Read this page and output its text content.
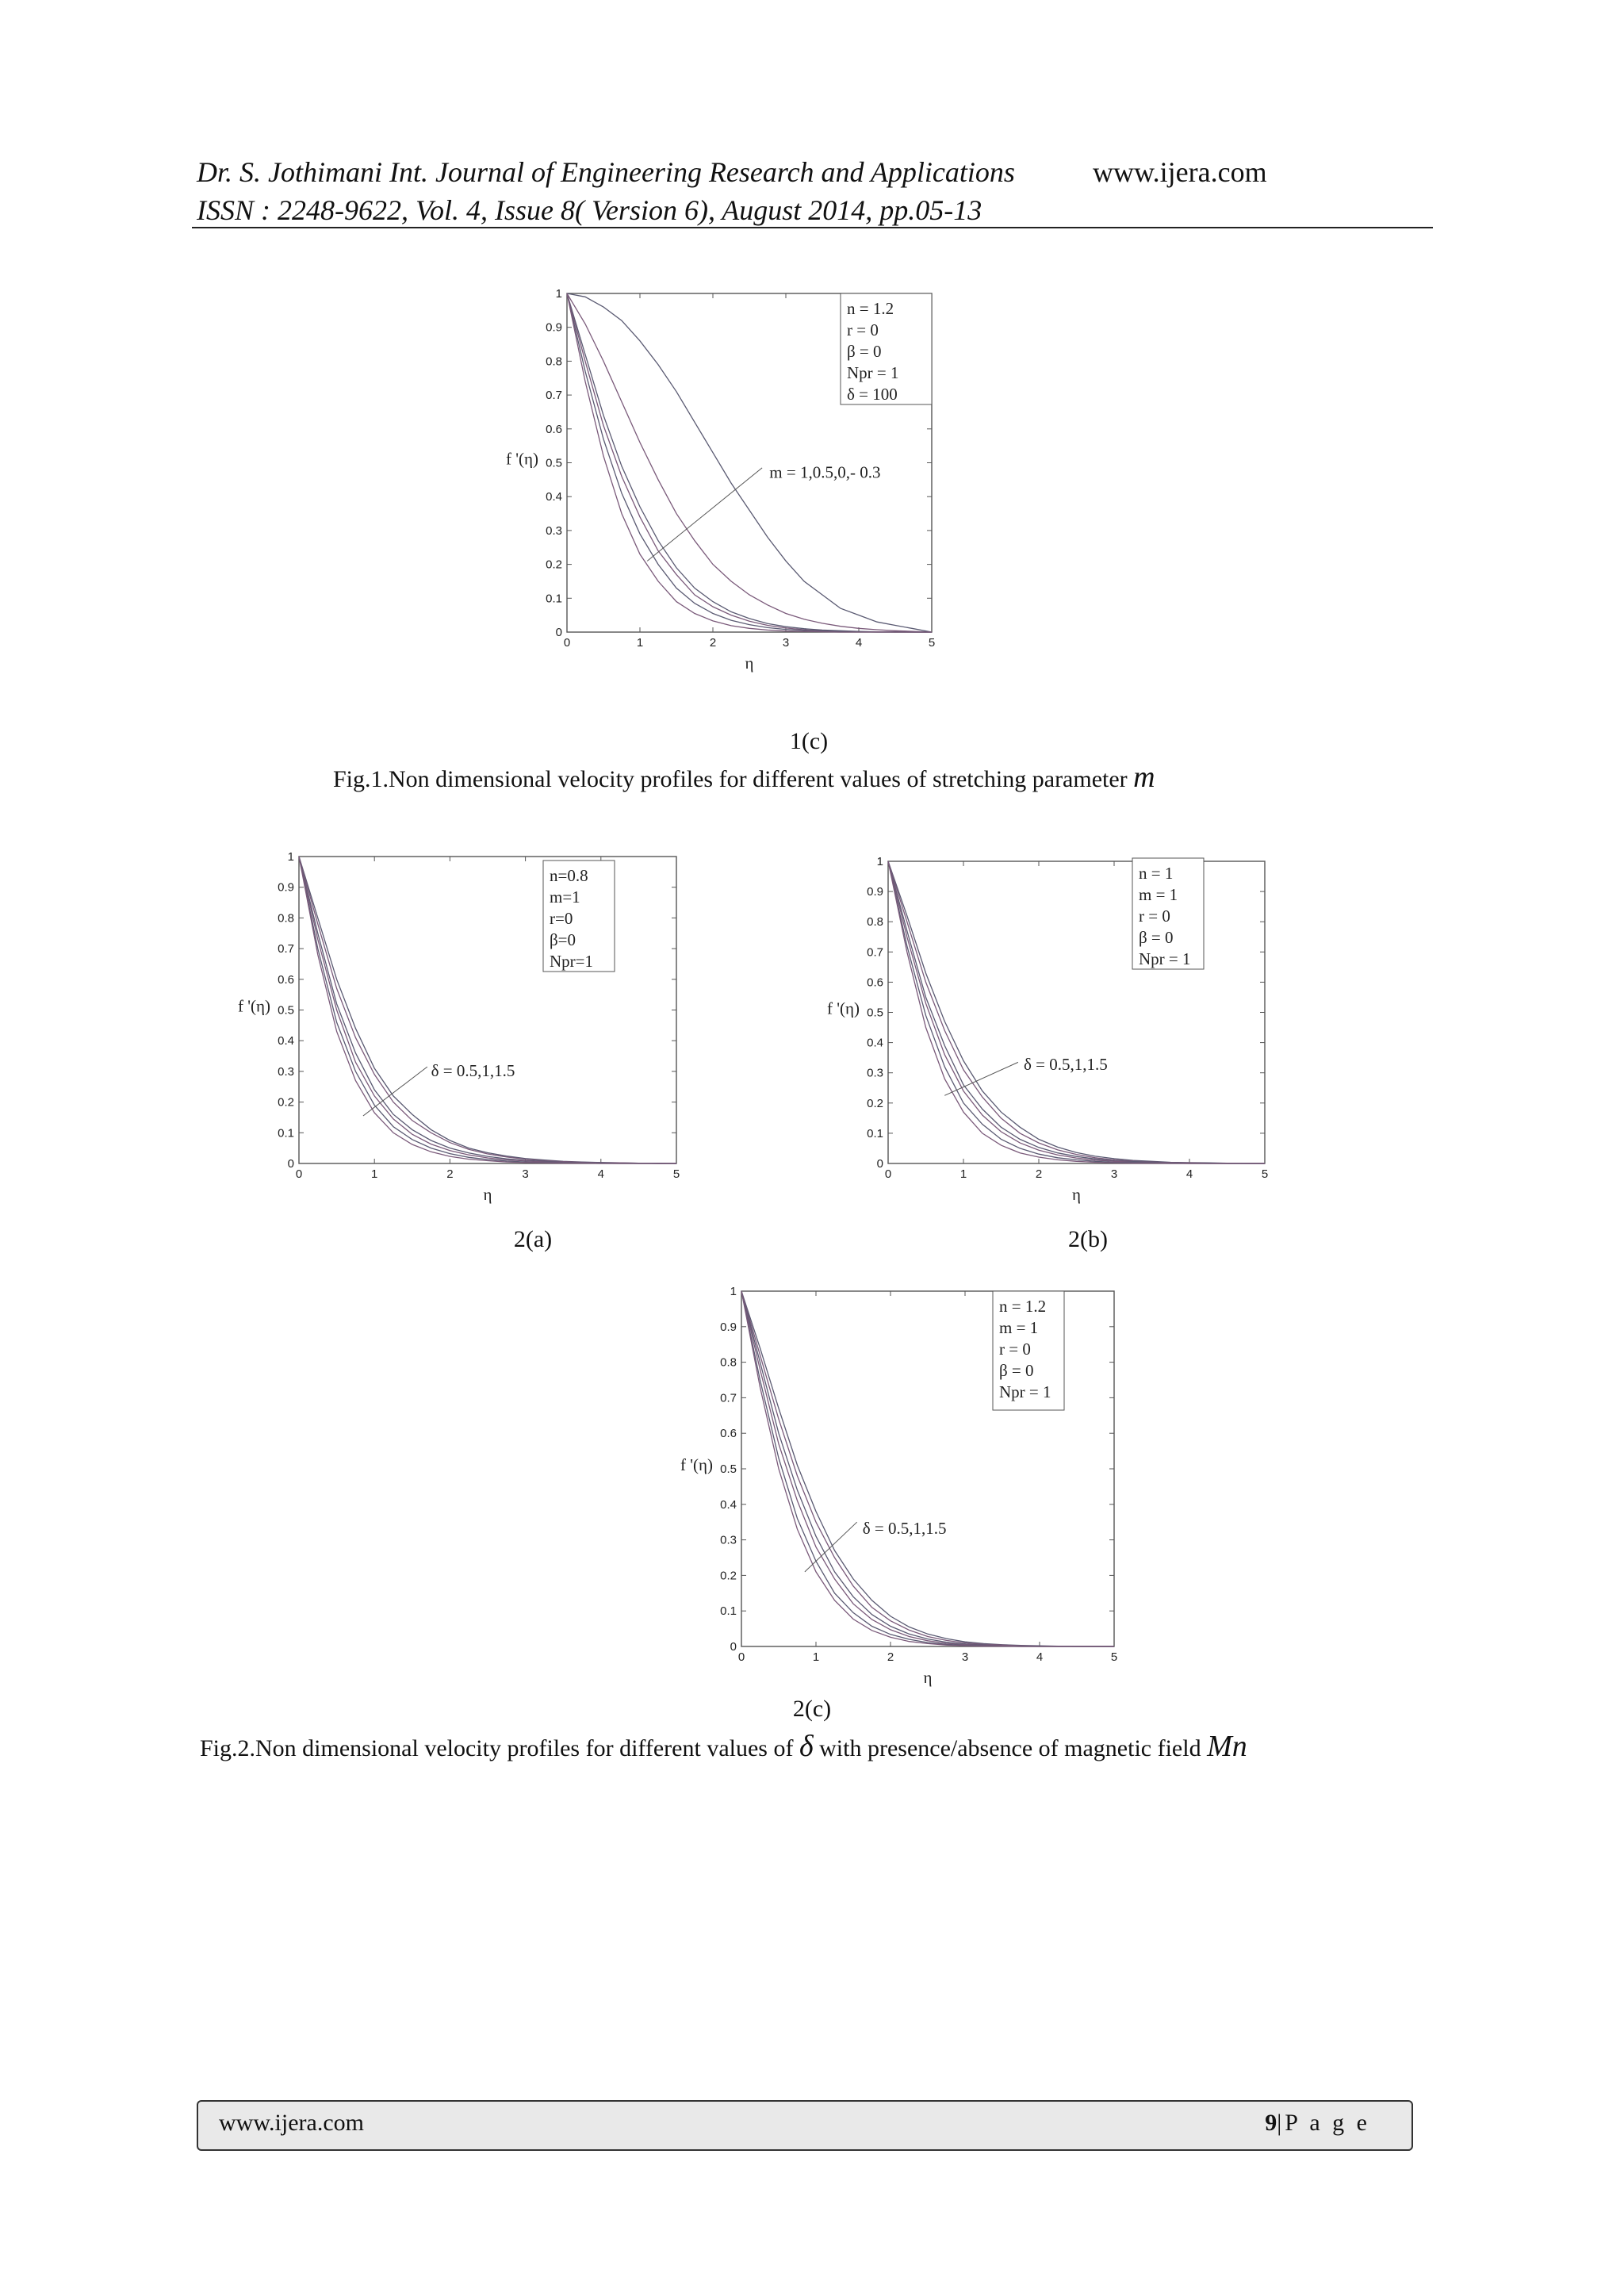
Dr. S. Jothimani Int. Journal of Engineering Research and Applications	www.ijera.com
ISSN : 2248-9622, Vol. 4, Issue 8( Version 6), August 2014, pp.05-13
0	1	2	3	4	5
0
0.1
0.2
0.3
0.4
0.5
0.6
0.7
0.8
0.9
1
η
f '(η)
n = 1.2
r = 0
β = 0
Npr = 1
δ = 100
m = 1,0.5,0,- 0.3
1(c)
Fig.1.Non dimensional velocity profiles for different values of stretching parameter m
0	1	2	3	4	5
0
0.1
0.2
0.3
0.4
0.5
0.6
0.7
0.8
0.9
1
η
f '(η)
n=0.8
m=1
r=0
β=0
Npr=1
δ = 0.5,1,1.5
2(a)
0	1	2	3	4	5
0
0.1
0.2
0.3
0.4
0.5
0.6
0.7
0.8
0.9
1
η
f '(η)
n = 1
m = 1
r = 0
β = 0
Npr = 1
δ = 0.5,1,1.5
2(b)
0	1	2	3	4	5
0
0.1
0.2
0.3
0.4
0.5
0.6
0.7
0.8
0.9
1
η
f '(η)
n = 1.2
m = 1
r = 0
β = 0
Npr = 1
δ = 0.5,1,1.5
2(c)
Fig.2.Non dimensional velocity profiles for different values of δ with presence/absence of magnetic field Mn
www.ijera.com	9|P a g e
